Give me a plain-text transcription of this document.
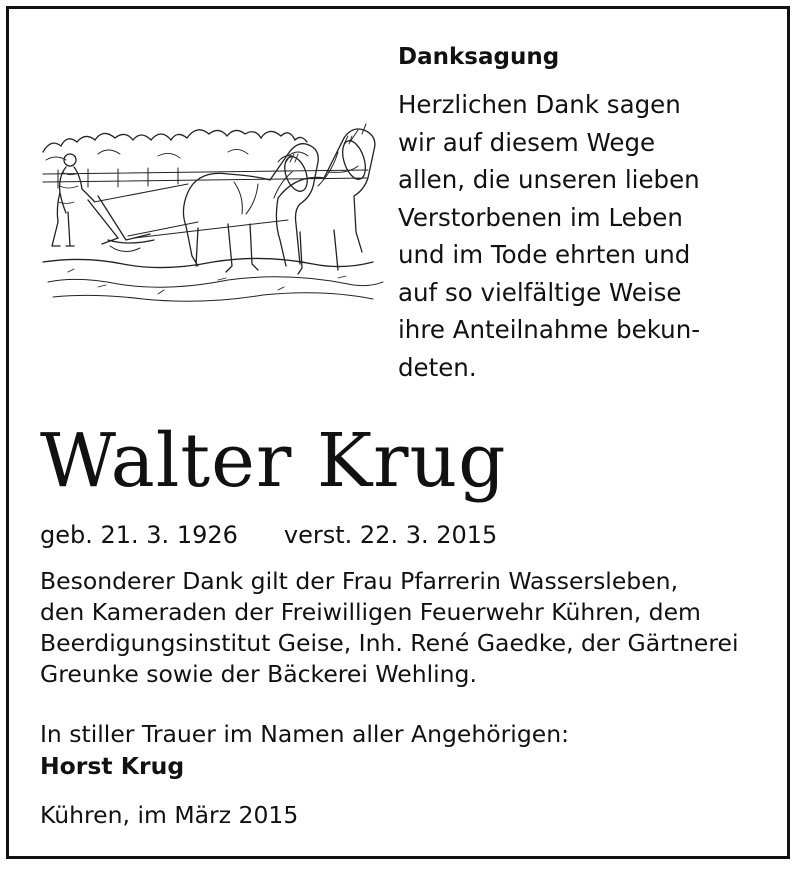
Danksagung
Herzlichen Dank sagen
wir auf diesem Wege
allen, die unseren lieben
Verstorbenen im Leben
und im Tode ehrten und
auf so vielfältige Weise
ihre Anteilnahme bekun-
deten.
Walter Krug
geb. 21. 3. 1926 verst. 22. 3. 2015
Besonderer Dank gilt der Frau Pfarrerin Wassersleben,
den Kameraden der Freiwilligen Feuerwehr Kühren, dem
Beerdigungsinstitut Geise, Inh. René Gaedke, der Gärtnerei
Greunke sowie der Bäckerei Wehling.
In stiller Trauer im Namen aller Angehörigen:
Horst Krug
Kühren, im März 2015
